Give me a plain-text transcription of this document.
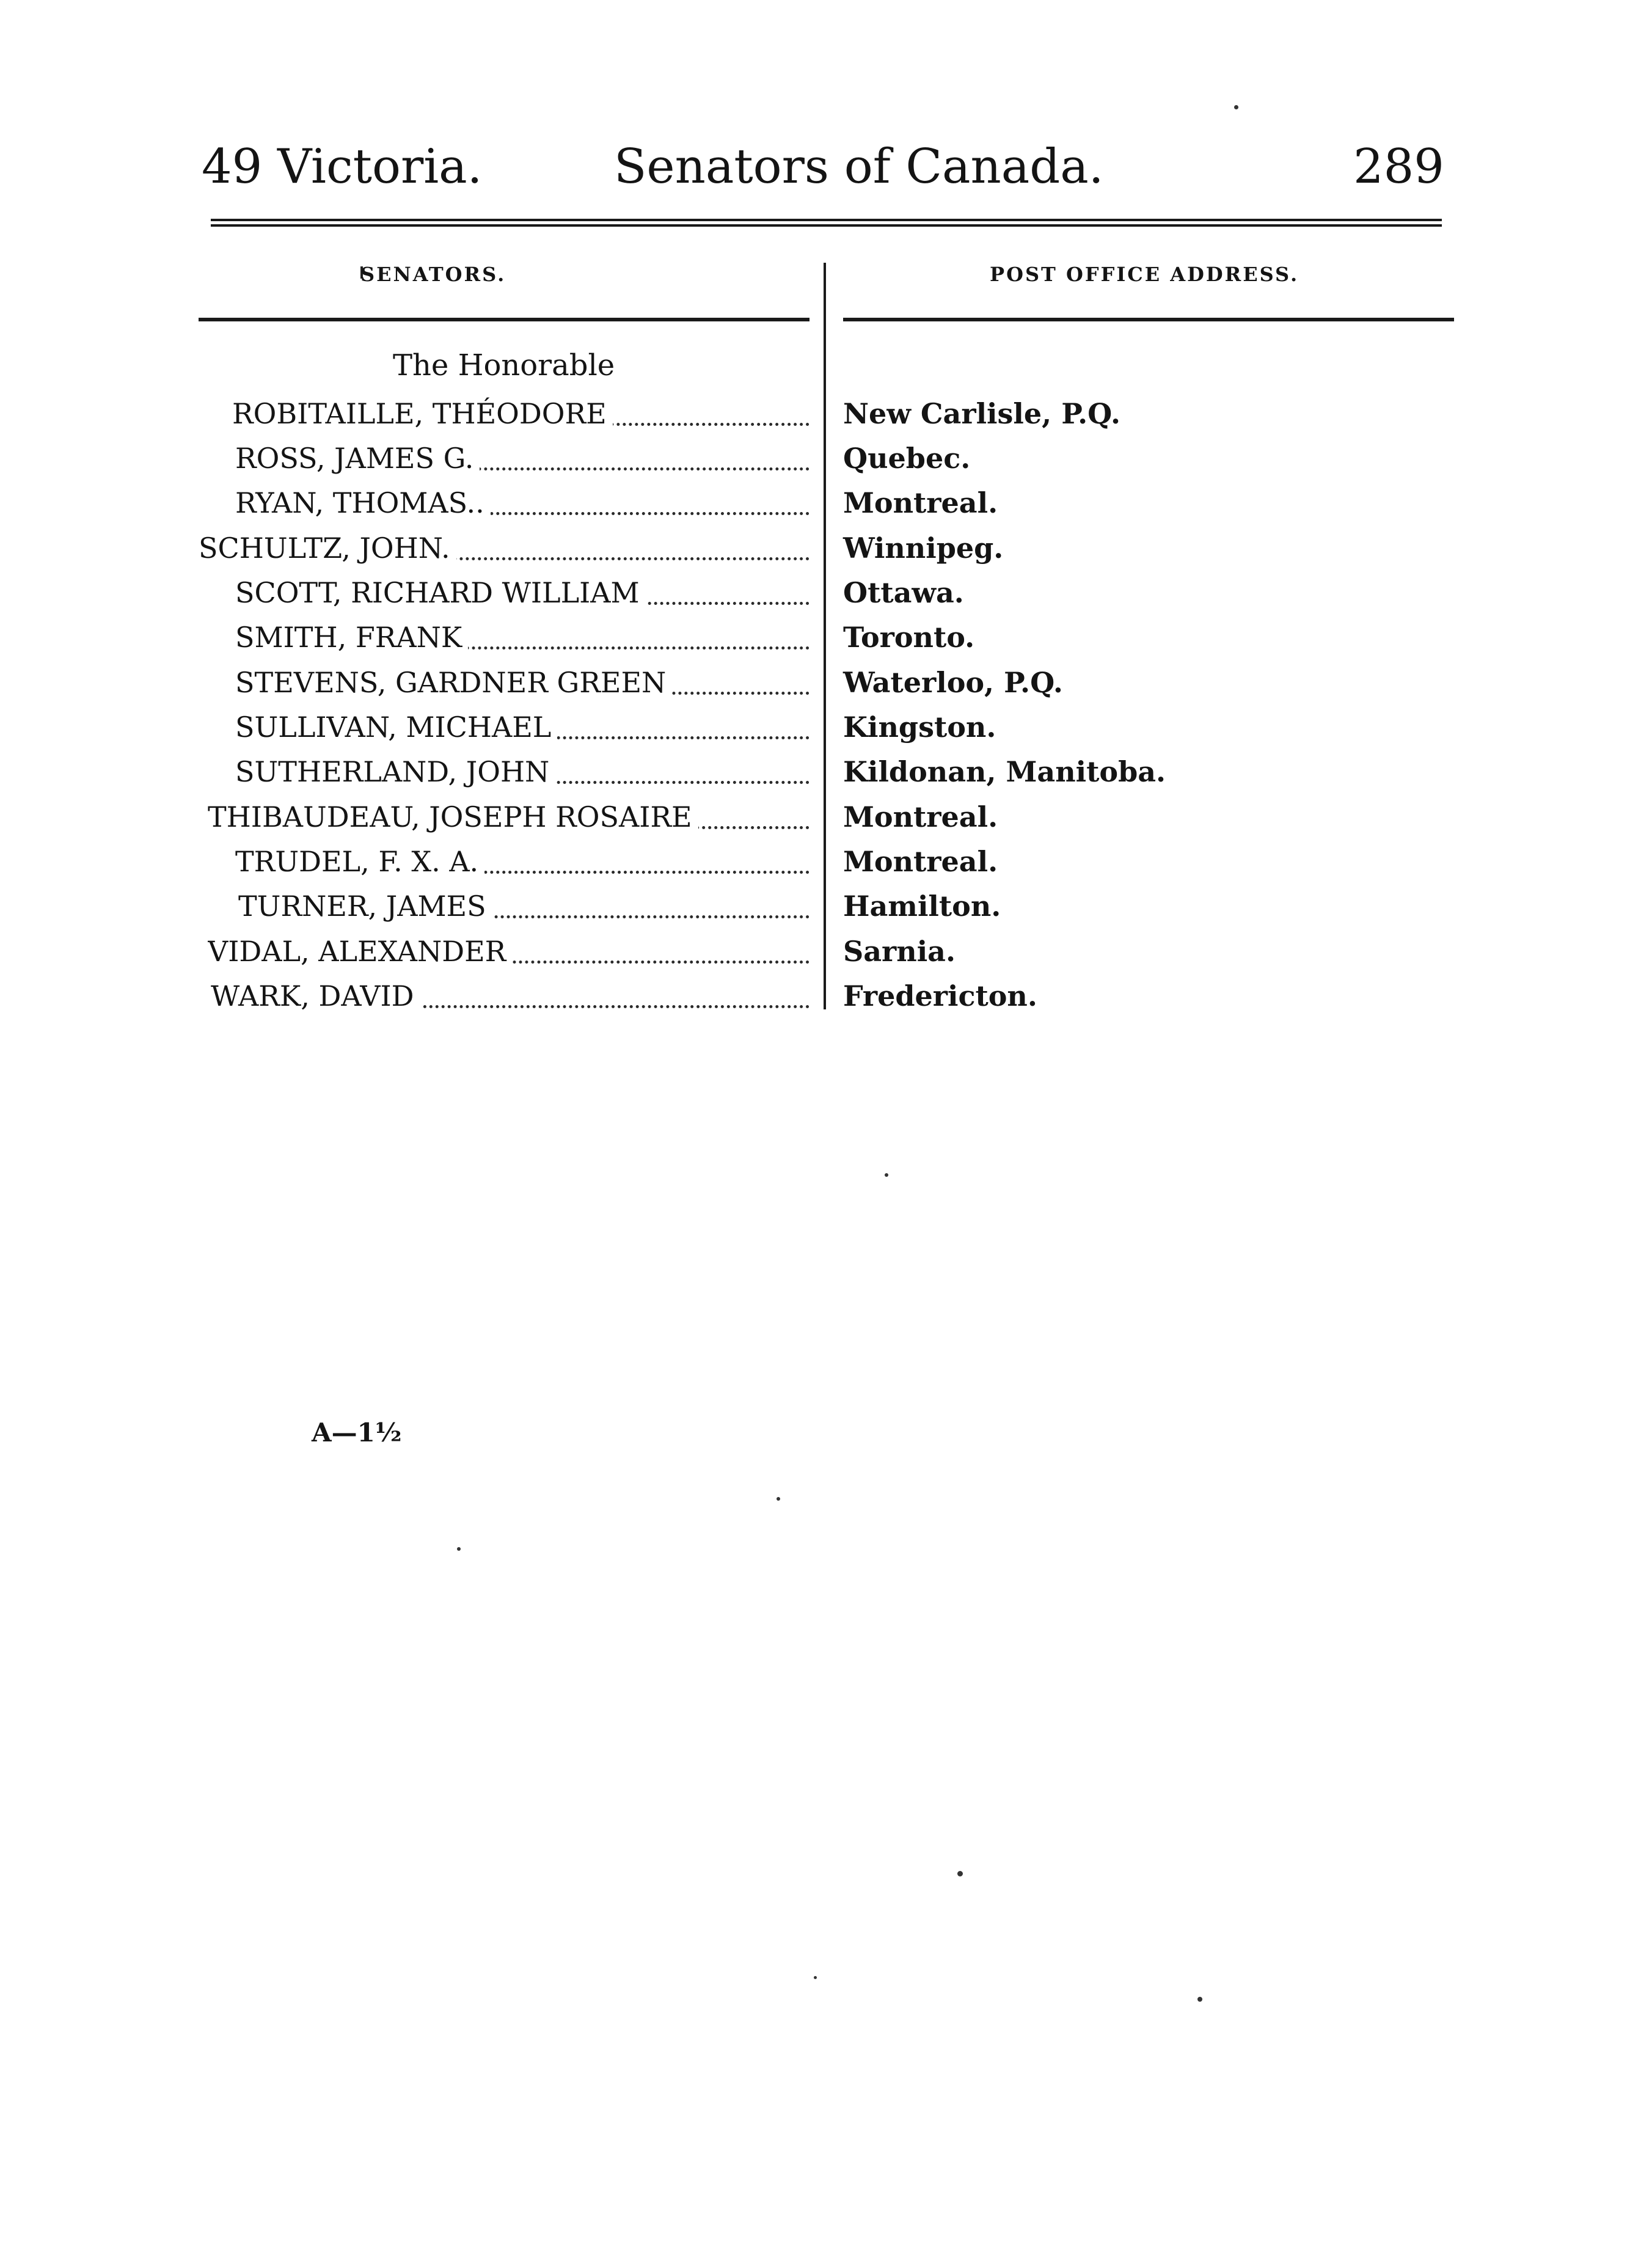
49 Victoria.	Senators of Canada.	289
SENATORS.	POST OFFICE ADDRESS.
The Honorable
ROBITAILLE, THÉODORE	New Carlisle, P.Q.
ROSS, JAMES G.	Quebec.
RYAN, THOMAS..	Montreal.
SCHULTZ, JOHN.	Winnipeg.
SCOTT, RICHARD WILLIAM	Ottawa.
SMITH, FRANK	Toronto.
STEVENS, GARDNER GREEN	Waterloo, P.Q.
SULLIVAN, MICHAEL	Kingston.
SUTHERLAND, JOHN	Kildonan, Manitoba.
THIBAUDEAU, JOSEPH ROSAIRE	Montreal.
TRUDEL, F. X. A.	Montreal.
TURNER, JAMES	Hamilton.
VIDAL, ALEXANDER	Sarnia.
WARK, DAVID	Fredericton.
A—1½
